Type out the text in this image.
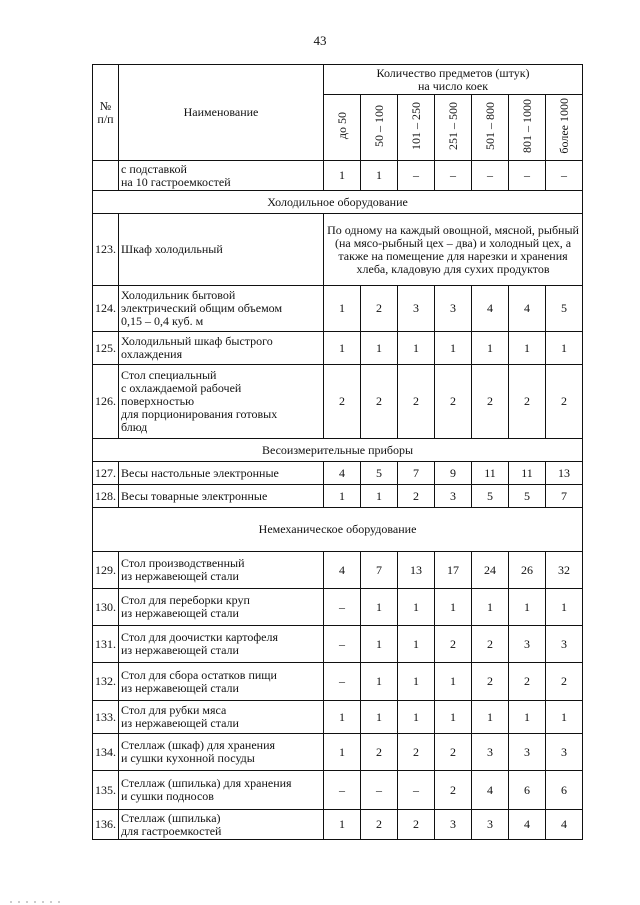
43
№
п/п	Наименование	Количество предметов (штук)
на число коек						
		до 50	50 – 100	101 – 250	251 – 500	501 – 800	801 – 1000	более 1000
	с подставкой
на 10 гастроемкостей	1	1	–	–	–	–	–
Холодильное оборудование								
123.	Шкаф холодильный	По одному на каждый овощной, мясной, рыбный (на мясо-рыбный цех – два) и холодный цех, а также на помещение для нарезки и хранения хлеба, кладовую для сухих продуктов						
124.	Холодильник бытовой
электрический общим объемом
0,15 – 0,4 куб. м	1	2	3	3	4	4	5
125.	Холодильный шкаф быстрого
охлаждения	1	1	1	1	1	1	1
126.	Стол специальный
с охлаждаемой рабочей
поверхностью
для порционирования готовых
блюд	2	2	2	2	2	2	2
Весоизмерительные приборы								
127.	Весы настольные электронные	4	5	7	9	11	11	13
128.	Весы товарные электронные	1	1	2	3	5	5	7
Немеханическое оборудование								
129.	Стол производственный
из нержавеющей стали	4	7	13	17	24	26	32
130.	Стол для переборки круп
из нержавеющей стали	–	1	1	1	1	1	1
131.	Стол для доочистки картофеля
из нержавеющей стали	–	1	1	2	2	3	3
132.	Стол для сбора остатков пищи
из нержавеющей стали	–	1	1	1	2	2	2
133.	Стол для рубки мяса
из нержавеющей стали	1	1	1	1	1	1	1
134.	Стеллаж (шкаф) для хранения
и сушки кухонной посуды	1	2	2	2	3	3	3
135.	Стеллаж (шпилька) для хранения
и сушки подносов	–	–	–	2	4	6	6
136.	Стеллаж (шпилька)
для гастроемкостей	1	2	2	3	3	4	4
